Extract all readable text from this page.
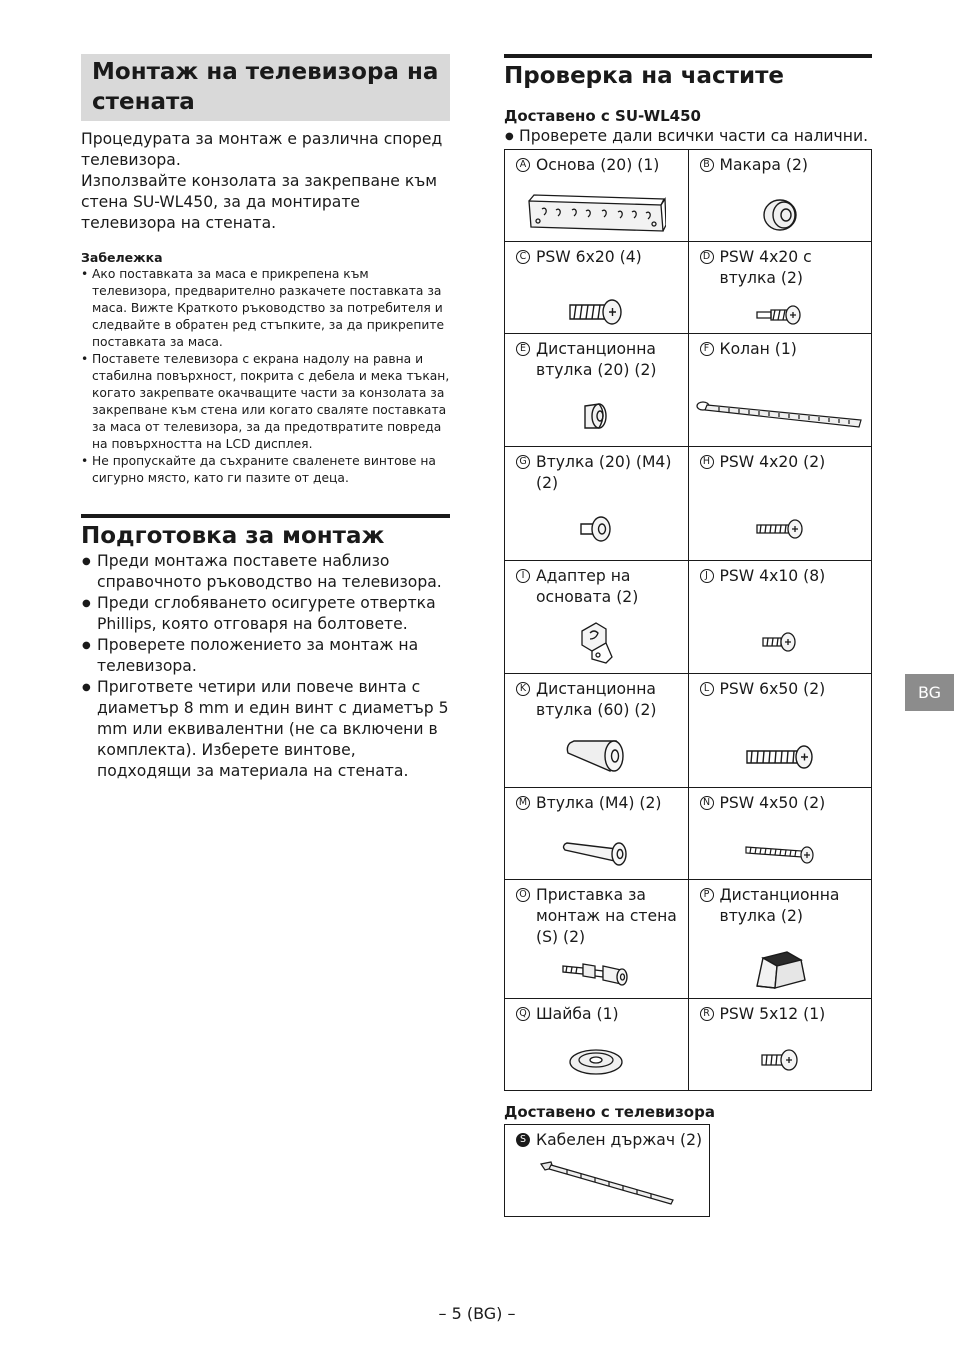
Монтаж на телевизора на стената

Процедурата за монтаж е различна според телевизора.

Използвайте конзолата за закрепване към стена SU-WL450, за да монтирате телевизора на стената.

Забележка
• Ако поставката за маса е прикрепена към телевизора, предварително разкачете поставката за маса. Вижте Краткото ръководство за потребителя и следвайте в обратен ред стъпките, за да прикрепите поставката за маса.
• Поставете телевизора с екрана надолу на равна и стабилна повърхност, покрита с дебела и мека тъкан, когато закрепвате окачващите части за конзолата за закрепване към стена или когато сваляте поставката за маса от телевизора, за да предотвратите повреда на повърхността на LCD дисплея.
• Не пропускайте да съхраните сваленете винтове на сигурно място, като ги пазите от деца.
Подготовка за монтаж
● Преди монтажа поставете наблизо справочното ръководство на телевизора.
● Преди сглобяването осигурете отвертка Phillips, която отговаря на болтовете.
● Проверете положението за монтаж на телевизора.
● Пригответе четири или повече винта с диаметър 8 mm и един винт с диаметър 5 mm или еквивалентни (не са включени в комплекта). Изберете винтове, подходящи за материала на стената.
Проверка на частите
Доставено с SU-WL450
● Проверете дали всички части са налични.
A Основа (20) (1)	B Макара (2)

C PSW 6x20 (4)	D PSW 4x20 с втулка (2)

E Дистанционна втулка (20) (2)	F Колан (1)

G Втулка (20) (M4) (2)	H PSW 4x20 (2)

I Адаптер на основата (2)	J PSW 4x10 (8)

K Дистанционна втулка (60) (2)	L PSW 6x50 (2)

M Втулка (M4) (2)	N PSW 4x50 (2)

O Приставка за монтаж на стена (S) (2)	P Дистанционна втулка (2)

Q Шайба (1)	R PSW 5x12 (1)
Доставено с телевизора
S Кабелен държач (2)
BG
– 5 (BG) –
